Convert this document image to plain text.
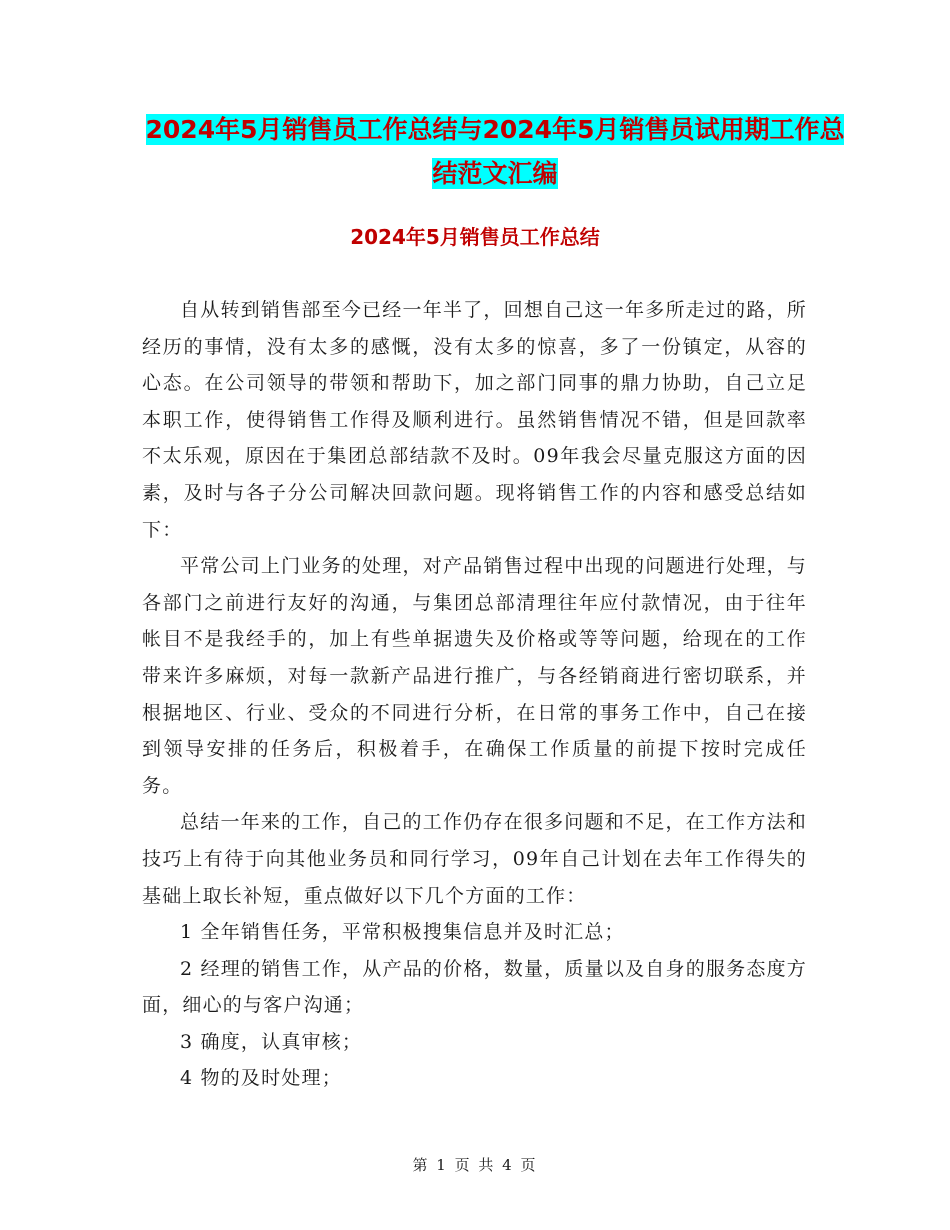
2024年5月销售员工作总结与2024年5月销售员试用期工作总结范文汇编
2024年5月销售员工作总结

自从转到销售部至今已经一年半了，回想自己这一年多所走过的路，所经历的事情，没有太多的感慨，没有太多的惊喜，多了一份镇定，从容的心态。在公司领导的带领和帮助下，加之部门同事的鼎力协助，自己立足本职工作，使得销售工作得及顺利进行。虽然销售情况不错，但是回款率不太乐观，原因在于集团总部结款不及时。09年我会尽量克服这方面的因素，及时与各子分公司解决回款问题。现将销售工作的内容和感受总结如下：

平常公司上门业务的处理，对产品销售过程中出现的问题进行处理，与各部门之前进行友好的沟通，与集团总部清理往年应付款情况，由于往年帐目不是我经手的，加上有些单据遗失及价格或等等问题，给现在的工作带来许多麻烦，对每一款新产品进行推广，与各经销商进行密切联系，并根据地区、行业、受众的不同进行分析，在日常的事务工作中，自己在接到领导安排的任务后，积极着手，在确保工作质量的前提下按时完成任务。

总结一年来的工作，自己的工作仍存在很多问题和不足，在工作方法和技巧上有待于向其他业务员和同行学习，09年自己计划在去年工作得失的基础上取长补短，重点做好以下几个方面的工作：

1 全年销售任务，平常积极搜集信息并及时汇总；

2 经理的销售工作，从产品的价格，数量，质量以及自身的服务态度方面，细心的与客户沟通；

3 确度，认真审核；

4 物的及时处理；

第 1 页 共 4 页
